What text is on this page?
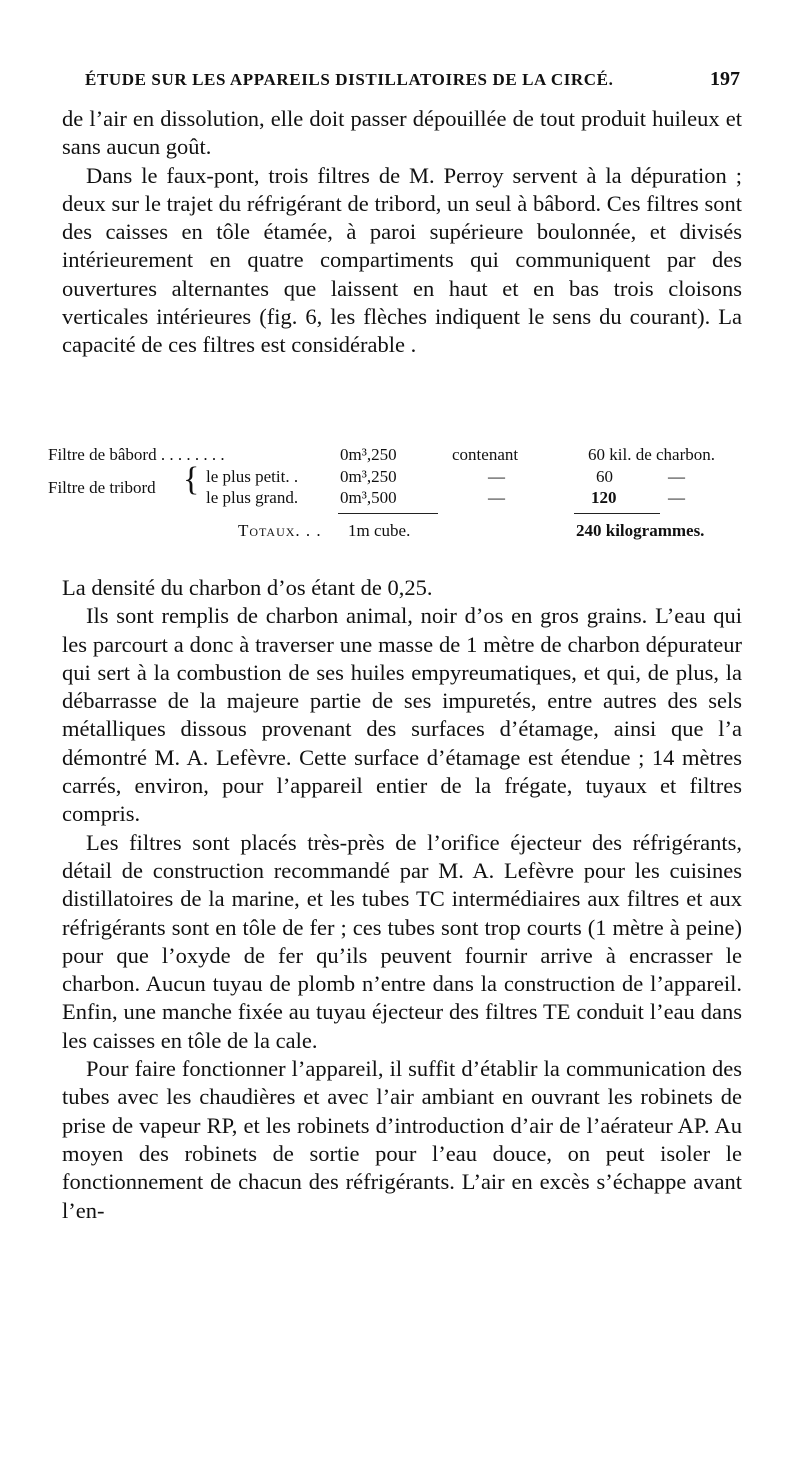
ÉTUDE SUR LES APPAREILS DISTILLATOIRES DE LA CIRCÉ.	197

de l’air en dissolution, elle doit passer dépouillée de tout produit huileux et sans aucun goût.

Dans le faux-pont, trois filtres de M. Perroy servent à la dépuration ; deux sur le trajet du réfrigérant de tribord, un seul à bâbord. Ces filtres sont des caisses en tôle étamée, à paroi supérieure boulonnée, et divisés intérieurement en quatre compartiments qui communiquent par des ouvertures alternantes que laissent en haut et en bas trois cloisons verticales intérieures (fig. 6, les flèches indiquent le sens du courant). La capacité de ces filtres est considérable .

Filtre de bâbord . . . . . . . .	0m³,250	contenant	60 kil. de charbon.
Filtre de tribord { le plus petit. . 0m³,250	—	60	—
le plus grand. 0m³,500	—	120	—
Totaux. . . 1m cube.	240 kilogrammes.

La densité du charbon d’os étant de 0,25.

Ils sont remplis de charbon animal, noir d’os en gros grains. L’eau qui les parcourt a donc à traverser une masse de 1 mètre de charbon dépurateur qui sert à la combustion de ses huiles empyreumatiques, et qui, de plus, la débarrasse de la majeure partie de ses impuretés, entre autres des sels métalliques dissous provenant des surfaces d’étamage, ainsi que l’a démontré M. A. Lefèvre. Cette surface d’étamage est étendue ; 14 mètres carrés, environ, pour l’appareil entier de la frégate, tuyaux et filtres compris.

Les filtres sont placés très-près de l’orifice éjecteur des réfrigérants, détail de construction recommandé par M. A. Lefèvre pour les cuisines distillatoires de la marine, et les tubes TC intermédiaires aux filtres et aux réfrigérants sont en tôle de fer ; ces tubes sont trop courts (1 mètre à peine) pour que l’oxyde de fer qu’ils peuvent fournir arrive à encrasser le charbon. Aucun tuyau de plomb n’entre dans la construction de l’appareil. Enfin, une manche fixée au tuyau éjecteur des filtres TE conduit l’eau dans les caisses en tôle de la cale.

Pour faire fonctionner l’appareil, il suffit d’établir la communication des tubes avec les chaudières et avec l’air ambiant en ouvrant les robinets de prise de vapeur RP, et les robinets d’introduction d’air de l’aérateur AP. Au moyen des robinets de sortie pour l’eau douce, on peut isoler le fonctionnement de chacun des réfrigérants. L’air en excès s’échappe avant l’en-
